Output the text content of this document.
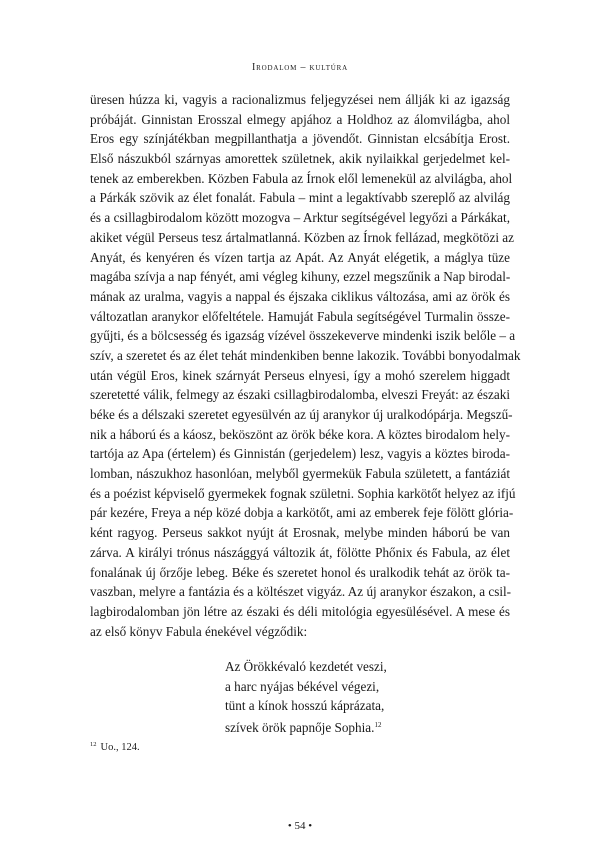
Irodalom – kultúra
üresen húzza ki, vagyis a racionalizmus feljegyzései nem állják ki az igazság
próbáját. Ginnistan Erosszal elmegy apjához a Holdhoz az álomvilágba, ahol
Eros egy színjátékban megpillanthatja a jövendőt. Ginnistan elcsábítja Erost.
Első nászukból szárnyas amorettek születnek, akik nyilaikkal gerjedelmet kel-
tenek az emberekben. Közben Fabula az Írnok elől lemenekül az alvilágba, ahol
a Párkák szövik az élet fonalát. Fabula – mint a legaktívabb szereplő az alvilág
és a csillagbirodalom között mozogva – Arktur segítségével legyőzi a Párkákat,
akiket végül Perseus tesz ártalmatlanná. Közben az Írnok fellázad, megkötözi az
Anyát, és kenyéren és vízen tartja az Apát. Az Anyát elégetik, a máglya tüze
magába szívja a nap fényét, ami végleg kihuny, ezzel megszűnik a Nap birodal-
mának az uralma, vagyis a nappal és éjszaka ciklikus változása, ami az örök és
változatlan aranykor előfeltétele. Hamuját Fabula segítségével Turmalin össze-
gyűjti, és a bölcsesség és igazság vízével összekeverve mindenki iszik belőle – a
szív, a szeretet és az élet tehát mindenkiben benne lakozik. További bonyodalmak
után végül Eros, kinek szárnyát Perseus elnyesi, így a mohó szerelem higgadt
szeretetté válik, felmegy az északi csillagbirodalomba, elveszi Freyát: az északi
béke és a délszaki szeretet egyesülvén az új aranykor új uralkodópárja. Megszű-
nik a háború és a káosz, beköszönt az örök béke kora. A köztes birodalom hely-
tartója az Apa (értelem) és Ginnistán (gerjedelem) lesz, vagyis a köztes biroda-
lomban, nászukhoz hasonlóan, melyből gyermekük Fabula született, a fantáziát
és a poézist képviselő gyermekek fognak születni. Sophia karkötőt helyez az ifjú
pár kezére, Freya a nép közé dobja a karkötőt, ami az emberek feje fölött glória-
ként ragyog. Perseus sakkot nyújt át Erosnak, melybe minden háború be van
zárva. A királyi trónus nászággyá változik át, fölötte Phőnix és Fabula, az élet
fonalának új őrzője lebeg. Béke és szeretet honol és uralkodik tehát az örök ta-
vaszban, melyre a fantázia és a költészet vigyáz. Az új aranykor északon, a csil-
lagbirodalomban jön létre az északi és déli mitológia egyesülésével. A mese és
az első könyv Fabula énekével végződik:
Az Örökkévaló kezdetét veszi,
a harc nyájas békével végezi,
tünt a kínok hosszú káprázata,
szívek örök papnője Sophia.$^{12}$
$^{12}$ Uo., 124.
• 54 •
